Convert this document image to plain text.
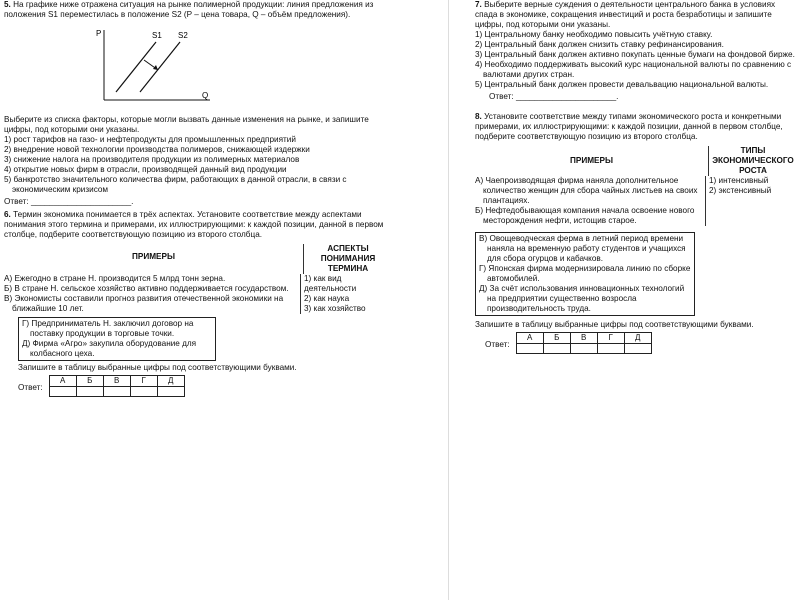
5. На графике ниже отражена ситуация на рынке полимерной продукции: линия предложения из положения S1 переместилась в положение S2 (P – цена товара, Q – объём предложения).

P
Q
S1 S2

Выберите из списка факторы, которые могли вызвать данные изменения на рынке, и запишите цифры, под которыми они указаны.

1) рост тарифов на газо- и нефтепродукты для промышленных предприятий

2) внедрение новой технологии производства полимеров, снижающей издержки

3) снижение налога на производителя продукции из полимерных материалов

4) открытие новых фирм в отрасли, производящей данный вид продукции

5) банкротство значительного количества фирм, работающих в данной отрасли, в связи с экономическим кризисом

Ответ: ______________________.

6. Термин экономика понимается в трёх аспектах. Установите соответствие между аспектами понимания этого термина и примерами, их иллюстрирующими: к каждой позиции, данной в первом столбце, подберите соответствующую позицию из второго столбца.

ПРИМЕРЫ
АСПЕКТЫ ПОНИМАНИЯ ТЕРМИНА

А) Ежегодно в стране Н. производится 5 млрд тонн зерна.

Б) В стране Н. сельское хозяйство активно поддерживается государством.

В) Экономисты составили прогноз развития отечественной экономики на ближайшие 10 лет.

1) как вид деятельности

2) как наука

3) как хозяйство

Г) Предприниматель Н. заключил договор на поставку продукции в торговые точки.

Д) Фирма «Агро» закупила оборудование для колбасного цеха.

Запишите в таблицу выбранные цифры под соответствующими буквами.

Ответ:
А	Б	В	Г	Д

7. Выберите верные суждения о деятельности центрального банка в условиях спада в экономике, сокращения инвестиций и роста безработицы и запишите цифры, под которыми они указаны.

1) Центральному банку необходимо повысить учётную ставку.

2) Центральный банк должен снизить ставку рефинансирования.

3) Центральный банк должен активно покупать ценные бумаги на фондовой бирже.

4) Необходимо поддерживать высокий курс национальной валюты по сравнению с валютами других стран.

5) Центральный банк должен провести девальвацию национальной валюты.

Ответ: ______________________.

8. Установите соответствие между типами экономического роста и конкретными примерами, их иллюстрирующими: к каждой позиции, данной в первом столбце, подберите соответствующую позицию из второго столбца.

ПРИМЕРЫ
ТИПЫ ЭКОНОМИЧЕСКОГО РОСТА

А) Чаепроизводящая фирма наняла дополнительное количество женщин для сбора чайных листьев на своих плантациях.

Б) Нефтедобывающая компания начала освоение нового месторождения нефти, истощив старое.

1) интенсивный

2) экстенсивный

В) Овощеводческая ферма в летний период времени наняла на временную работу студентов и учащихся для сбора огурцов и кабачков.

Г) Японская фирма модернизировала линию по сборке автомобилей.

Д) За счёт использования инновационных технологий на предприятии существенно возросла производительность труда.

Запишите в таблицу выбранные цифры под соответствующими буквами.

Ответ:
А	Б	В	Г	Д
